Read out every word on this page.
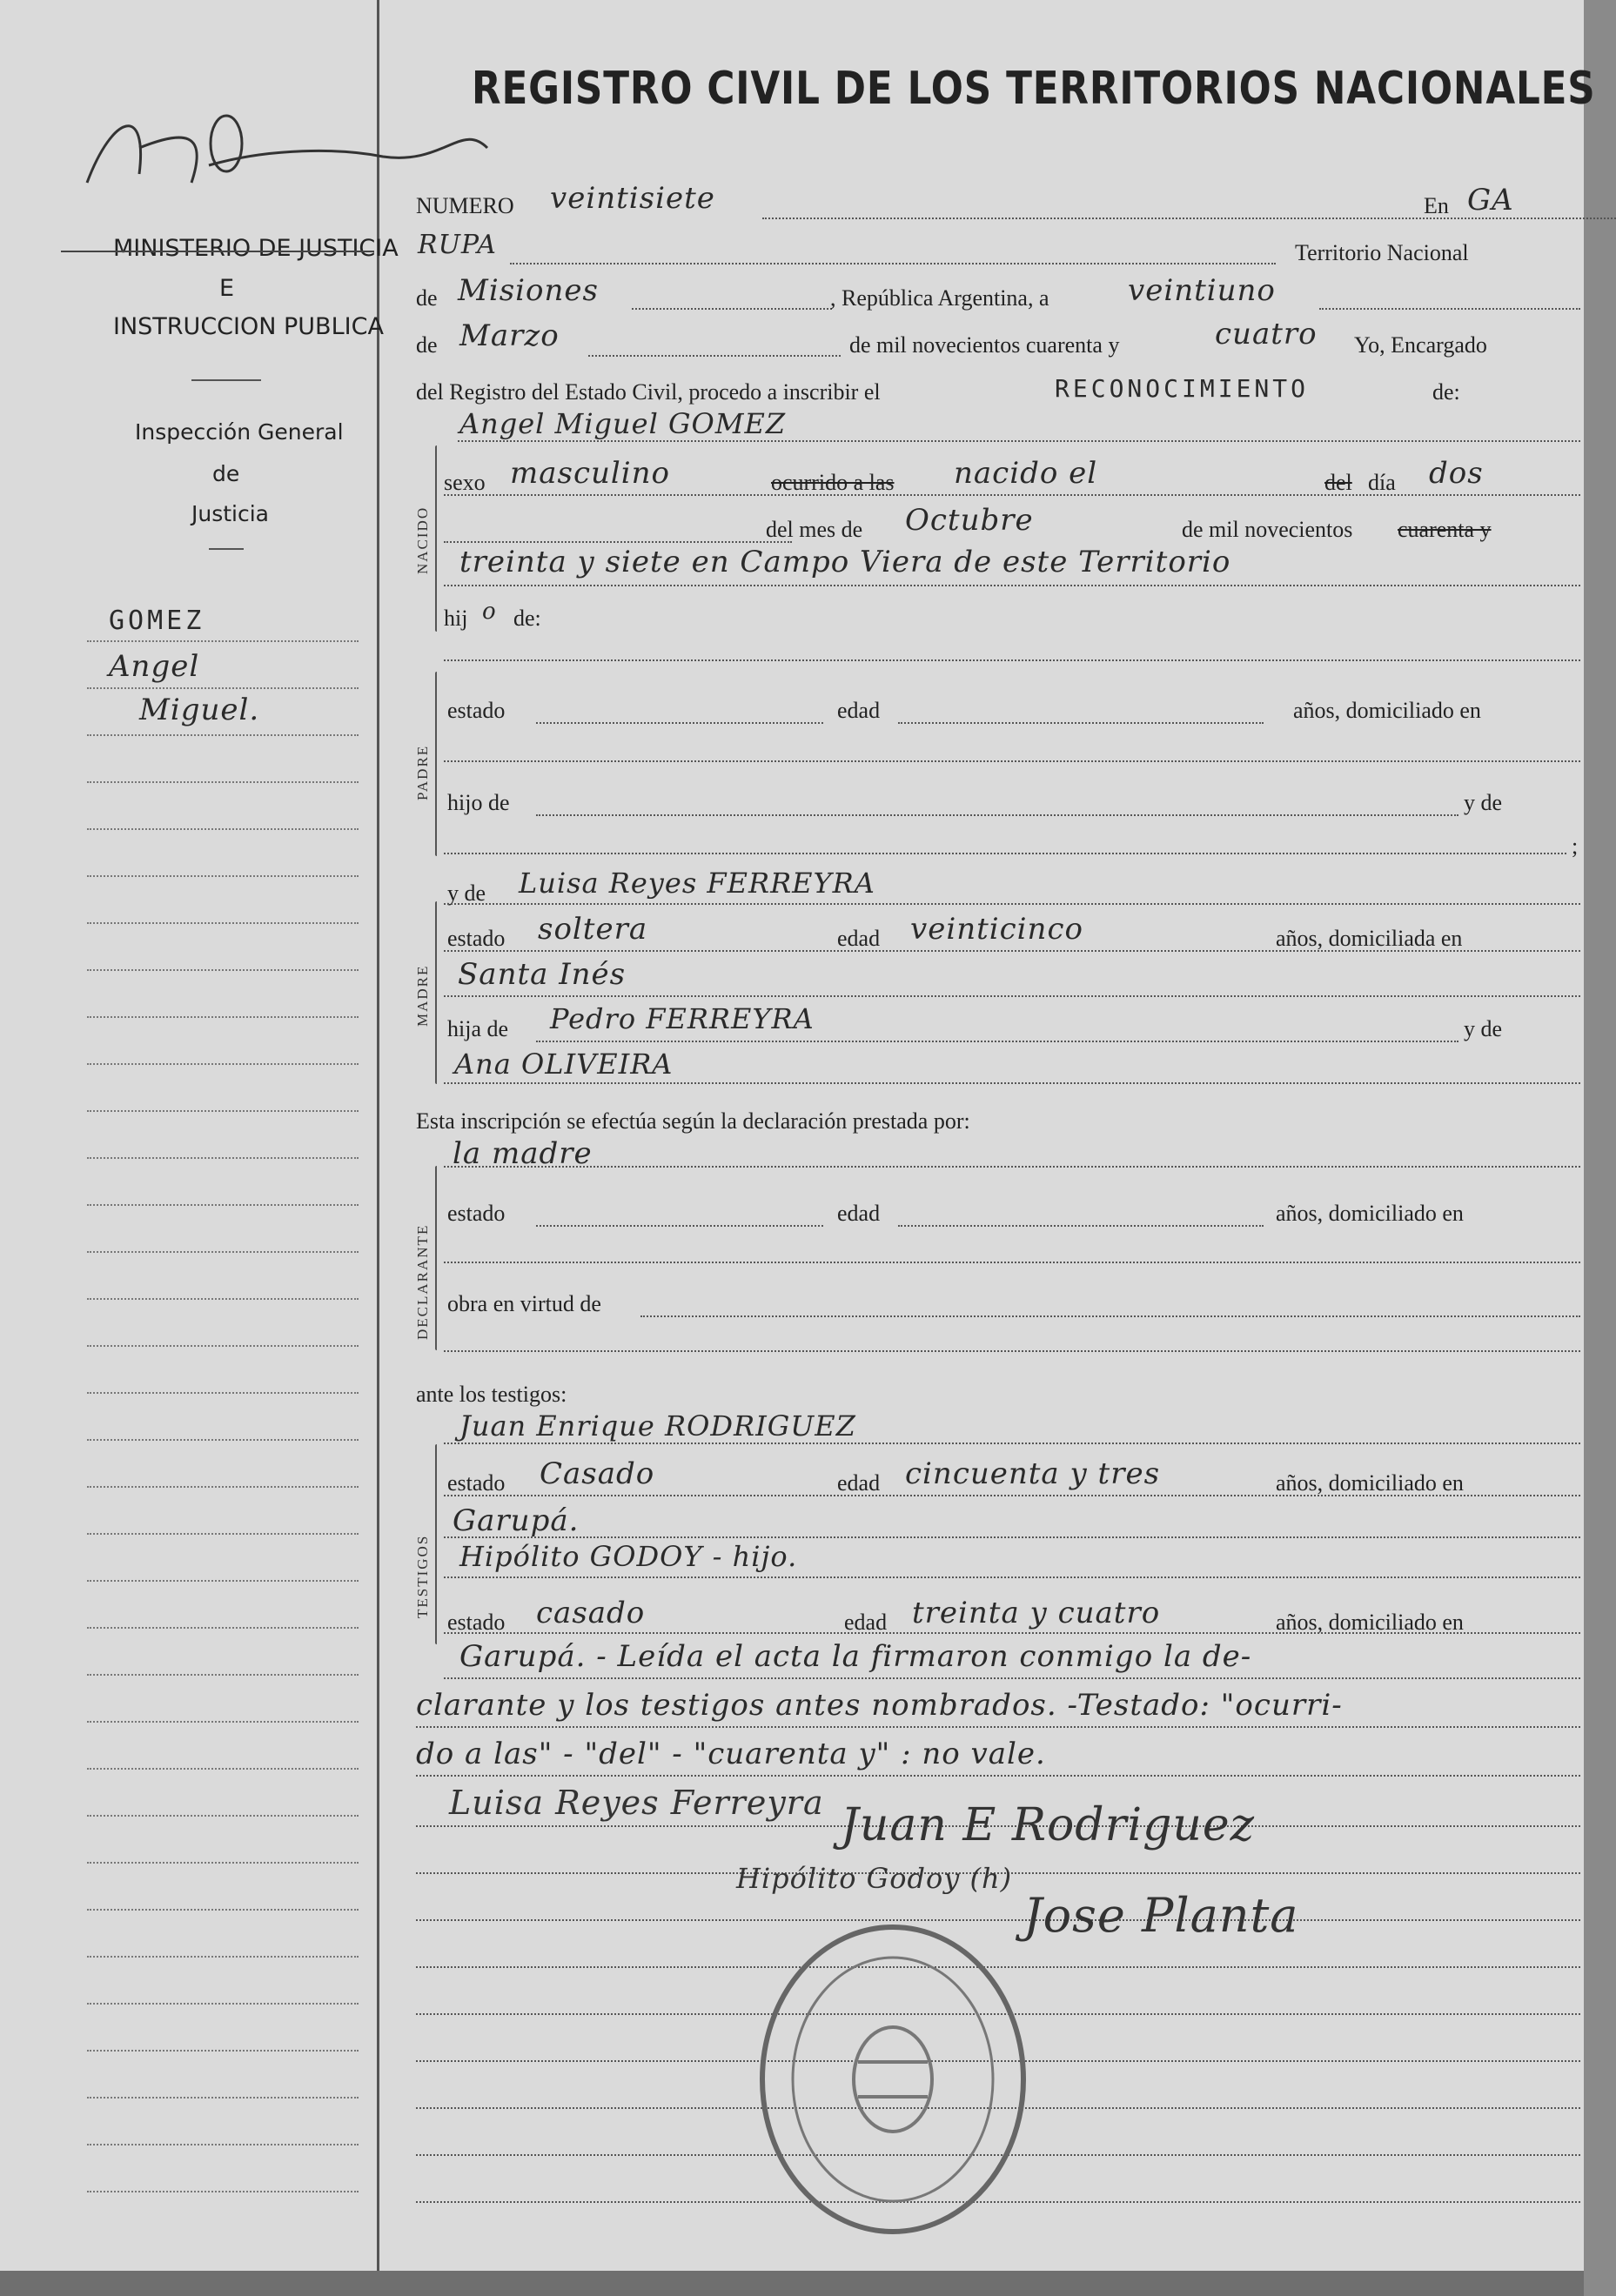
MINISTERIO DE JUSTICIA
E
INSTRUCCION PUBLICA
Inspección General
de
Justicia
GOMEZ
Angel
Miguel.
REGISTRO CIVIL DE LOS TERRITORIOS NACIONALES
NUMERO veintisiete	En GA
RUPA	Territorio Nacional
de Misiones	, República Argentina, a	veintiuno
de Marzo	de mil novecientos cuarenta y	cuatro Yo, Encargado
del Registro del Estado Civil, procedo a inscribir el	RECONOCIMIENTO	de:
Angel Miguel GOMEZ
NACIDO
sexo masculino	ocurrido a las nacido el	del día dos
del mes de Octubre	de mil novecientos cuarenta y
treinta y siete en Campo Viera de este Territorio
hij o de:
PADRE
estado	edad	años, domiciliado en
hijo de	y de
;
y de Luisa Reyes FERREYRA
MADRE
estado soltera	edad veinticinco	años, domiciliada en
Santa Inés
hija de Pedro FERREYRA	y de
Ana OLIVEIRA
Esta inscripción se efectúa según la declaración prestada por:
la madre
DECLARANTE
estado	edad	años, domiciliado en
obra en virtud de
ante los testigos:
Juan Enrique RODRIGUEZ
TESTIGOS
estado Casado	edad cincuenta y tres	años, domiciliado en
Garupá.
Hipólito GODOY - hijo.
estado casado	edad treinta y cuatro	años, domiciliado en
Garupá. - Leída el acta la firmaron conmigo la de-
clarante y los testigos antes nombrados. -Testado: "ocurri-
do a las" - "del" - "cuarenta y" : no vale.
Luisa Reyes Ferreyra Juan E Rodriguez
Hipólito Godoy (h)
Jose Planta
